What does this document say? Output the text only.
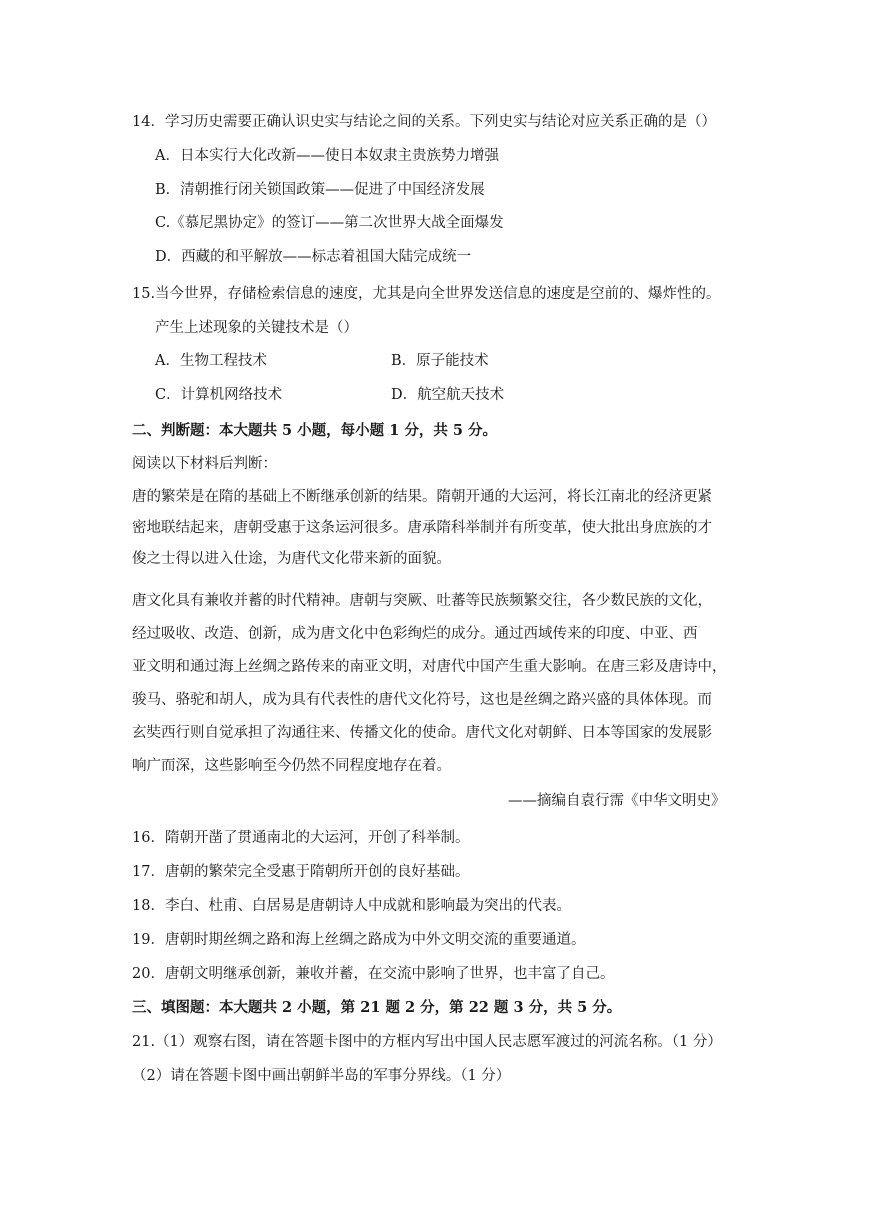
14．学习历史需要正确认识史实与结论之间的关系。下列史实与结论对应关系正确的是（）
A．日本实行大化改新——使日本奴隶主贵族势力增强
B．清朝推行闭关锁国政策——促进了中国经济发展
C.《慕尼黑协定》的签订——第二次世界大战全面爆发
D．西藏的和平解放——标志着祖国大陆完成统一
15.当今世界，存储检索信息的速度，尤其是向全世界发送信息的速度是空前的、爆炸性的。
产生上述现象的关键技术是（）
A．生物工程技术	B．原子能技术
C．计算机网络技术	D．航空航天技术
二、判断题：本大题共 5 小题，每小题 1 分，共 5 分。
阅读以下材料后判断：
唐的繁荣是在隋的基础上不断继承创新的结果。隋朝开通的大运河，将长江南北的经济更紧
密地联结起来，唐朝受惠于这条运河很多。唐承隋科举制并有所变革，使大批出身庶族的才
俊之士得以进入仕途，为唐代文化带来新的面貌。
唐文化具有兼收并蓄的时代精神。唐朝与突厥、吐蕃等民族频繁交往，各少数民族的文化，
经过吸收、改造、创新，成为唐文化中色彩绚烂的成分。通过西域传来的印度、中亚、西
亚文明和通过海上丝绸之路传来的南亚文明，对唐代中国产生重大影响。在唐三彩及唐诗中，
骏马、骆驼和胡人，成为具有代表性的唐代文化符号，这也是丝绸之路兴盛的具体体现。而
玄奘西行则自觉承担了沟通往来、传播文化的使命。唐代文化对朝鲜、日本等国家的发展影
响广而深，这些影响至今仍然不同程度地存在着。
——摘编自袁行霈《中华文明史》
16．隋朝开凿了贯通南北的大运河，开创了科举制。
17．唐朝的繁荣完全受惠于隋朝所开创的良好基础。
18．李白、杜甫、白居易是唐朝诗人中成就和影响最为突出的代表。
19．唐朝时期丝绸之路和海上丝绸之路成为中外文明交流的重要通道。
20．唐朝文明继承创新，兼收并蓄，在交流中影响了世界，也丰富了自己。
三、填图题：本大题共 2 小题，第 21 题 2 分，第 22 题 3 分，共 5 分。
21.（1）观察右图，请在答题卡图中的方框内写出中国人民志愿军渡过的河流名称。（1 分）
（2）请在答题卡图中画出朝鲜半岛的军事分界线。（1 分）
